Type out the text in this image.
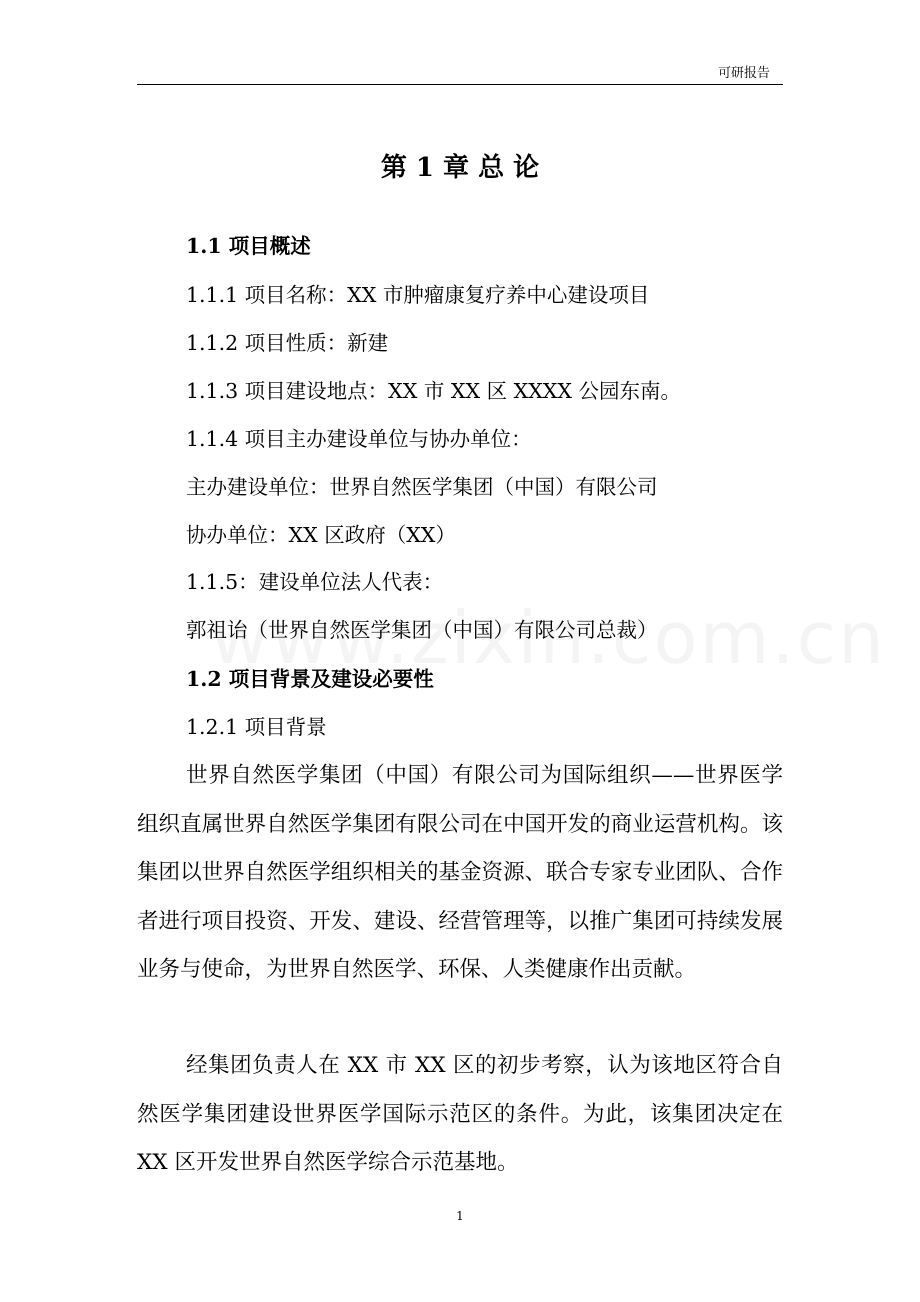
可研报告
第 1 章 总 论
1.1 项目概述
1.1.1 项目名称：XX 市肿瘤康复疗养中心建设项目
1.1.2 项目性质：新建
1.1.3 项目建设地点：XX 市 XX 区 XXXX 公园东南。
1.1.4 项目主办建设单位与协办单位：
主办建设单位：世界自然医学集团（中国）有限公司
协办单位：XX 区政府（XX）
1.1.5：建设单位法人代表：
郭祖诒（世界自然医学集团（中国）有限公司总裁）
1.2 项目背景及建设必要性
1.2.1 项目背景

世界自然医学集团（中国）有限公司为国际组织——世界医学组织直属世界自然医学集团有限公司在中国开发的商业运营机构。该集团以世界自然医学组织相关的基金资源、联合专家专业团队、合作者进行项目投资、开发、建设、经营管理等，以推广集团可持续发展业务与使命，为世界自然医学、环保、人类健康作出贡献。

经集团负责人在 XX 市 XX 区的初步考察，认为该地区符合自然医学集团建设世界医学国际示范区的条件。为此，该集团决定在 XX 区开发世界自然医学综合示范基地。

1
